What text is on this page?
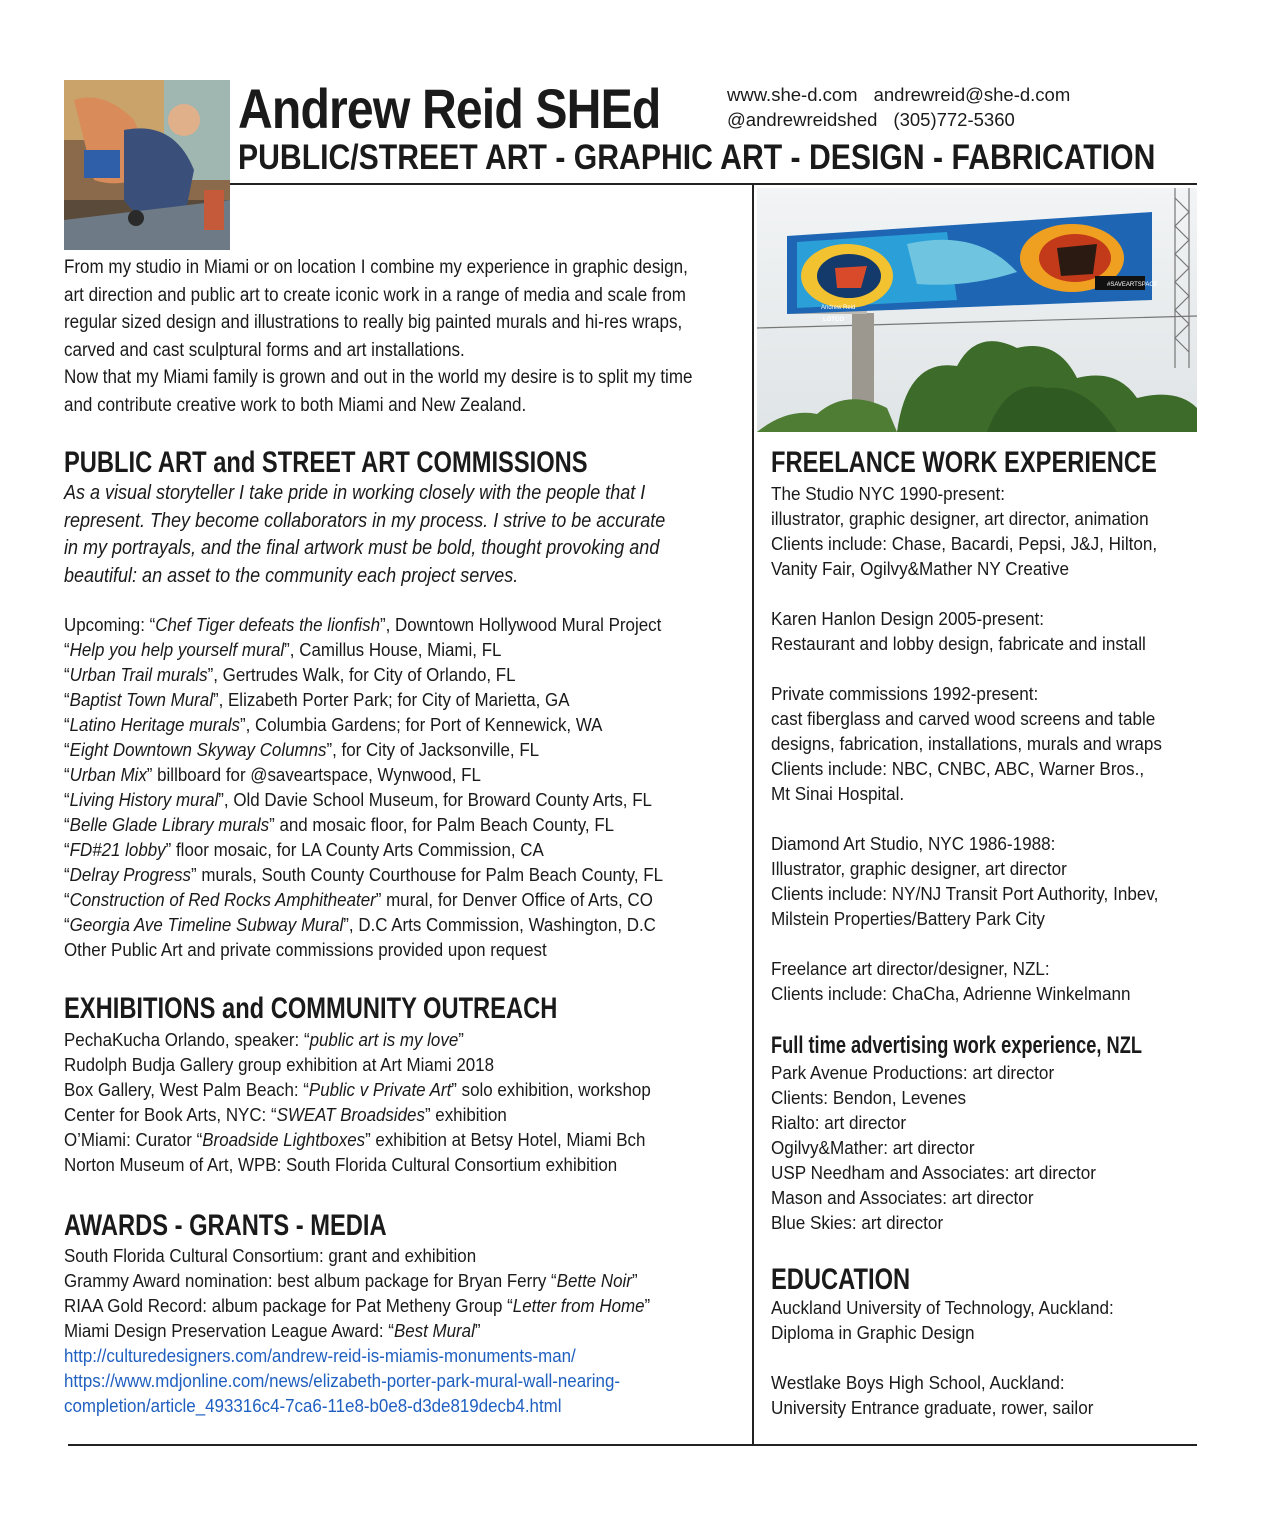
Andrew Reid SHEd
PUBLIC/STREET ART - GRAPHIC ART - DESIGN - FABRICATION
www.she-d.com andrewreid@she-d.com
@andrewreidshed (305)772-5360
Andrew Reid
#SAVEARTSPACE
LOTCO
From my studio in Miami or on location I combine my experience in graphic design,
art direction and public art to create iconic work in a range of media and scale from
regular sized design and illustrations to really big painted murals and hi-res wraps,
carved and cast sculptural forms and art installations.
Now that my Miami family is grown and out in the world my desire is to split my time
and contribute creative work to both Miami and New Zealand.
PUBLIC ART and STREET ART COMMISSIONS
As a visual storyteller I take pride in working closely with the people that I
represent. They become collaborators in my process. I strive to be accurate
in my portrayals, and the final artwork must be bold, thought provoking and
beautiful: an asset to the community each project serves.
Upcoming: “Chef Tiger defeats the lionfish”, Downtown Hollywood Mural Project
“Help you help yourself mural”, Camillus House, Miami, FL
“Urban Trail murals”, Gertrudes Walk, for City of Orlando, FL
“Baptist Town Mural”, Elizabeth Porter Park; for City of Marietta, GA
“Latino Heritage murals”, Columbia Gardens; for Port of Kennewick, WA
“Eight Downtown Skyway Columns”, for City of Jacksonville, FL
“Urban Mix” billboard for @saveartspace, Wynwood, FL
“Living History mural”, Old Davie School Museum, for Broward County Arts, FL
“Belle Glade Library murals” and mosaic floor, for Palm Beach County, FL
“FD#21 lobby” floor mosaic, for LA County Arts Commission, CA
“Delray Progress” murals, South County Courthouse for Palm Beach County, FL
“Construction of Red Rocks Amphitheater” mural, for Denver Office of Arts, CO
“Georgia Ave Timeline Subway Mural”, D.C Arts Commission, Washington, D.C
Other Public Art and private commissions provided upon request
EXHIBITIONS and COMMUNITY OUTREACH
PechaKucha Orlando, speaker: “public art is my love”
Rudolph Budja Gallery group exhibition at Art Miami 2018
Box Gallery, West Palm Beach: “Public v Private Art” solo exhibition, workshop
Center for Book Arts, NYC: “SWEAT Broadsides” exhibition
O’Miami: Curator “Broadside Lightboxes” exhibition at Betsy Hotel, Miami Bch
Norton Museum of Art, WPB: South Florida Cultural Consortium exhibition
AWARDS - GRANTS - MEDIA
South Florida Cultural Consortium: grant and exhibition
Grammy Award nomination: best album package for Bryan Ferry “Bette Noir”
RIAA Gold Record: album package for Pat Metheny Group “Letter from Home”
Miami Design Preservation League Award: “Best Mural”
http://culturedesigners.com/andrew-reid-is-miamis-monuments-man/
https://www.mdjonline.com/news/elizabeth-porter-park-mural-wall-nearing-
completion/article_493316c4-7ca6-11e8-b0e8-d3de819decb4.html
FREELANCE WORK EXPERIENCE
The Studio NYC 1990-present:
illustrator, graphic designer, art director, animation
Clients include: Chase, Bacardi, Pepsi, J&J, Hilton,
Vanity Fair, Ogilvy&Mather NY Creative
Karen Hanlon Design 2005-present:
Restaurant and lobby design, fabricate and install
Private commissions 1992-present:
cast fiberglass and carved wood screens and table
designs, fabrication, installations, murals and wraps
Clients include: NBC, CNBC, ABC, Warner Bros.,
Mt Sinai Hospital.
Diamond Art Studio, NYC 1986-1988:
Illustrator, graphic designer, art director
Clients include: NY/NJ Transit Port Authority, Inbev,
Milstein Properties/Battery Park City
Freelance art director/designer, NZL:
Clients include: ChaCha, Adrienne Winkelmann
Full time advertising work experience, NZL
Park Avenue Productions: art director
Clients: Bendon, Levenes
Rialto: art director
Ogilvy&Mather: art director
USP Needham and Associates: art director
Mason and Associates: art director
Blue Skies: art director
EDUCATION
Auckland University of Technology, Auckland:
Diploma in Graphic Design
Westlake Boys High School, Auckland:
University Entrance graduate, rower, sailor
